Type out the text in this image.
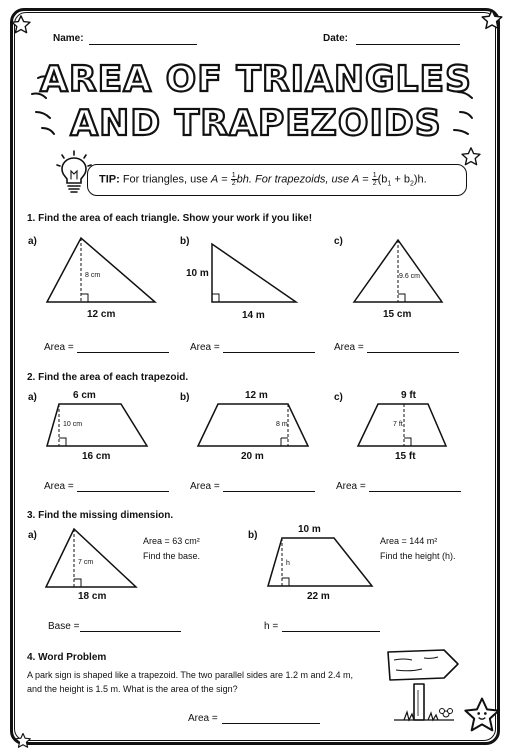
Name:	Date:
AREA OF TRIANGLES
AND TRAPEZOIDS
TIP: For triangles, use $A = \frac{1}{2}$ bh. For trapezoids, use $A = \frac{1}{2} (b_1 + b_2)h$.
1. Find the area of each triangle. Show your work if you like!
a)
8 cm
12 cm
b)
10 m
14 m
c)
9.6 cm
15 cm
Area =	Area =	Area =
2. Find the area of each trapezoid.
a)	6 cm
10 cm
16 cm
b)	12 m
8 m
20 m
c)	9 ft
7 ft
15 ft
Area =	Area =	Area =
3. Find the missing dimension.
a)
7 cm
18 cm
Area = 63 cm²
Find the base.
b)
10 m
h
22 m
Area = 144 m²
Find the height (h).
Base =	h =
4. Word Problem
A park sign is shaped like a trapezoid. The two parallel sides are 1.2 m and 2.4 m,
and the height is 1.5 m. What is the area of the sign?
Area =
